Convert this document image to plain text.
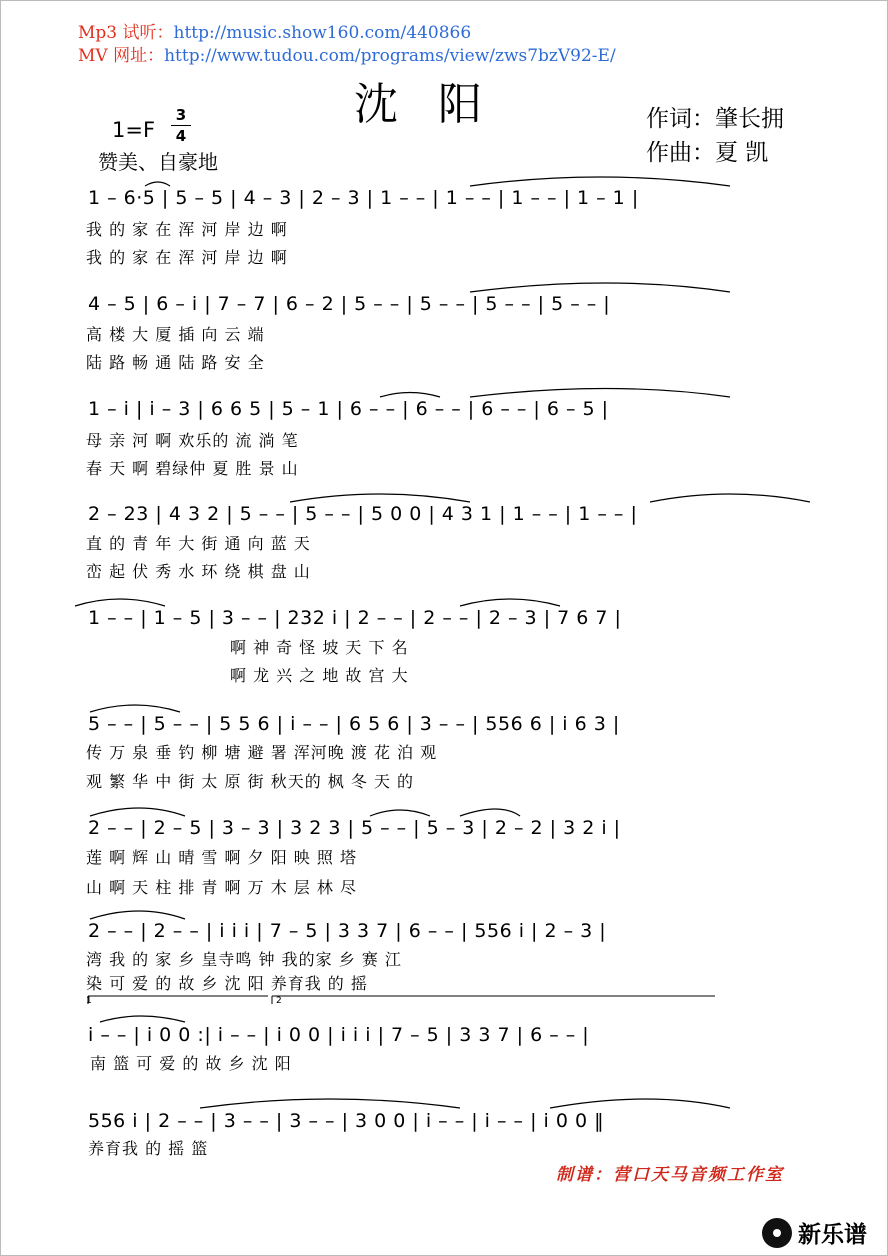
Mp3 试听：http://music.show160.com/440866
MV 网址：http://www.tudou.com/programs/view/zws7bzV92-E/
沈阳	作词：肇长拥
作曲：夏 凯
1=F
3
4
赞美、自豪地
1 – 6·5 | 5 – 5 | 4 – 3 | 2 – 3 | 1 – – | 1 – – | 1 – – | 1 – 1 |
我 的 家 在 浑 河 岸 边 啊
我 的 家 在 浑 河 岸 边 啊
4 – 5 | 6 – i | 7 – 7 | 6 – 2 | 5 – – | 5 – – | 5 – – | 5 – – |
高 楼 大 厦 插 向 云 端
陆 路 畅 通 陆 路 安 全
1 – i | i – 3 | 6 6 5 | 5 – 1 | 6 – – | 6 – – | 6 – – | 6 – 5 |
母 亲 河 啊 欢乐的 流 淌 笔
春 天 啊 碧绿仲 夏 胜 景 山
2 – 23 | 4 3 2 | 5 – – | 5 – – | 5 0 0 | 4 3 1 | 1 – – | 1 – – |
直 的 青 年 大 街 通 向 蓝 天
峦 起 伏 秀 水 环 绕 棋 盘 山
1 – – | 1 – 5 | 3 – – | 232 i | 2 – – | 2 – – | 2 – 3 | 7 6 7 |
啊 神 奇 怪 坡 天 下 名
啊 龙 兴 之 地 故 宫 大
5 – – | 5 – – | 5 5 6 | i – – | 6 5 6 | 3 – – | 556 6 | i 6 3 |
传 万 泉 垂 钓 柳 塘 避 署 浑河晚 渡 花 泊 观
观 繁 华 中 街 太 原 街 秋天的 枫 冬 天 的
2 – – | 2 – 5 | 3 – 3 | 3 2 3 | 5 – – | 5 – 3 | 2 – 2 | 3 2 i |
莲 啊 辉 山 晴 雪 啊 夕 阳 映 照 塔
山 啊 天 柱 排 青 啊 万 木 层 林 尽
2 – – | 2 – – | i i i | 7 – 5 | 3 3 7 | 6 – – | 556 i | 2 – 3 |
湾 我 的 家 乡 皇寺鸣 钟 我的家 乡 赛 江
染 可 爱 的 故 乡 沈 阳 养育我 的 摇
1	2
i – – | i 0 0 :| i – – | i 0 0 | i i i | 7 – 5 | 3 3 7 | 6 – – |
南 篮 可 爱 的 故 乡 沈 阳
556 i | 2 – – | 3 – – | 3 – – | 3 0 0 | i – – | i – – | i 0 0 ‖
养育我 的 摇 篮
制谱：营口天马音频工作室
新乐谱
